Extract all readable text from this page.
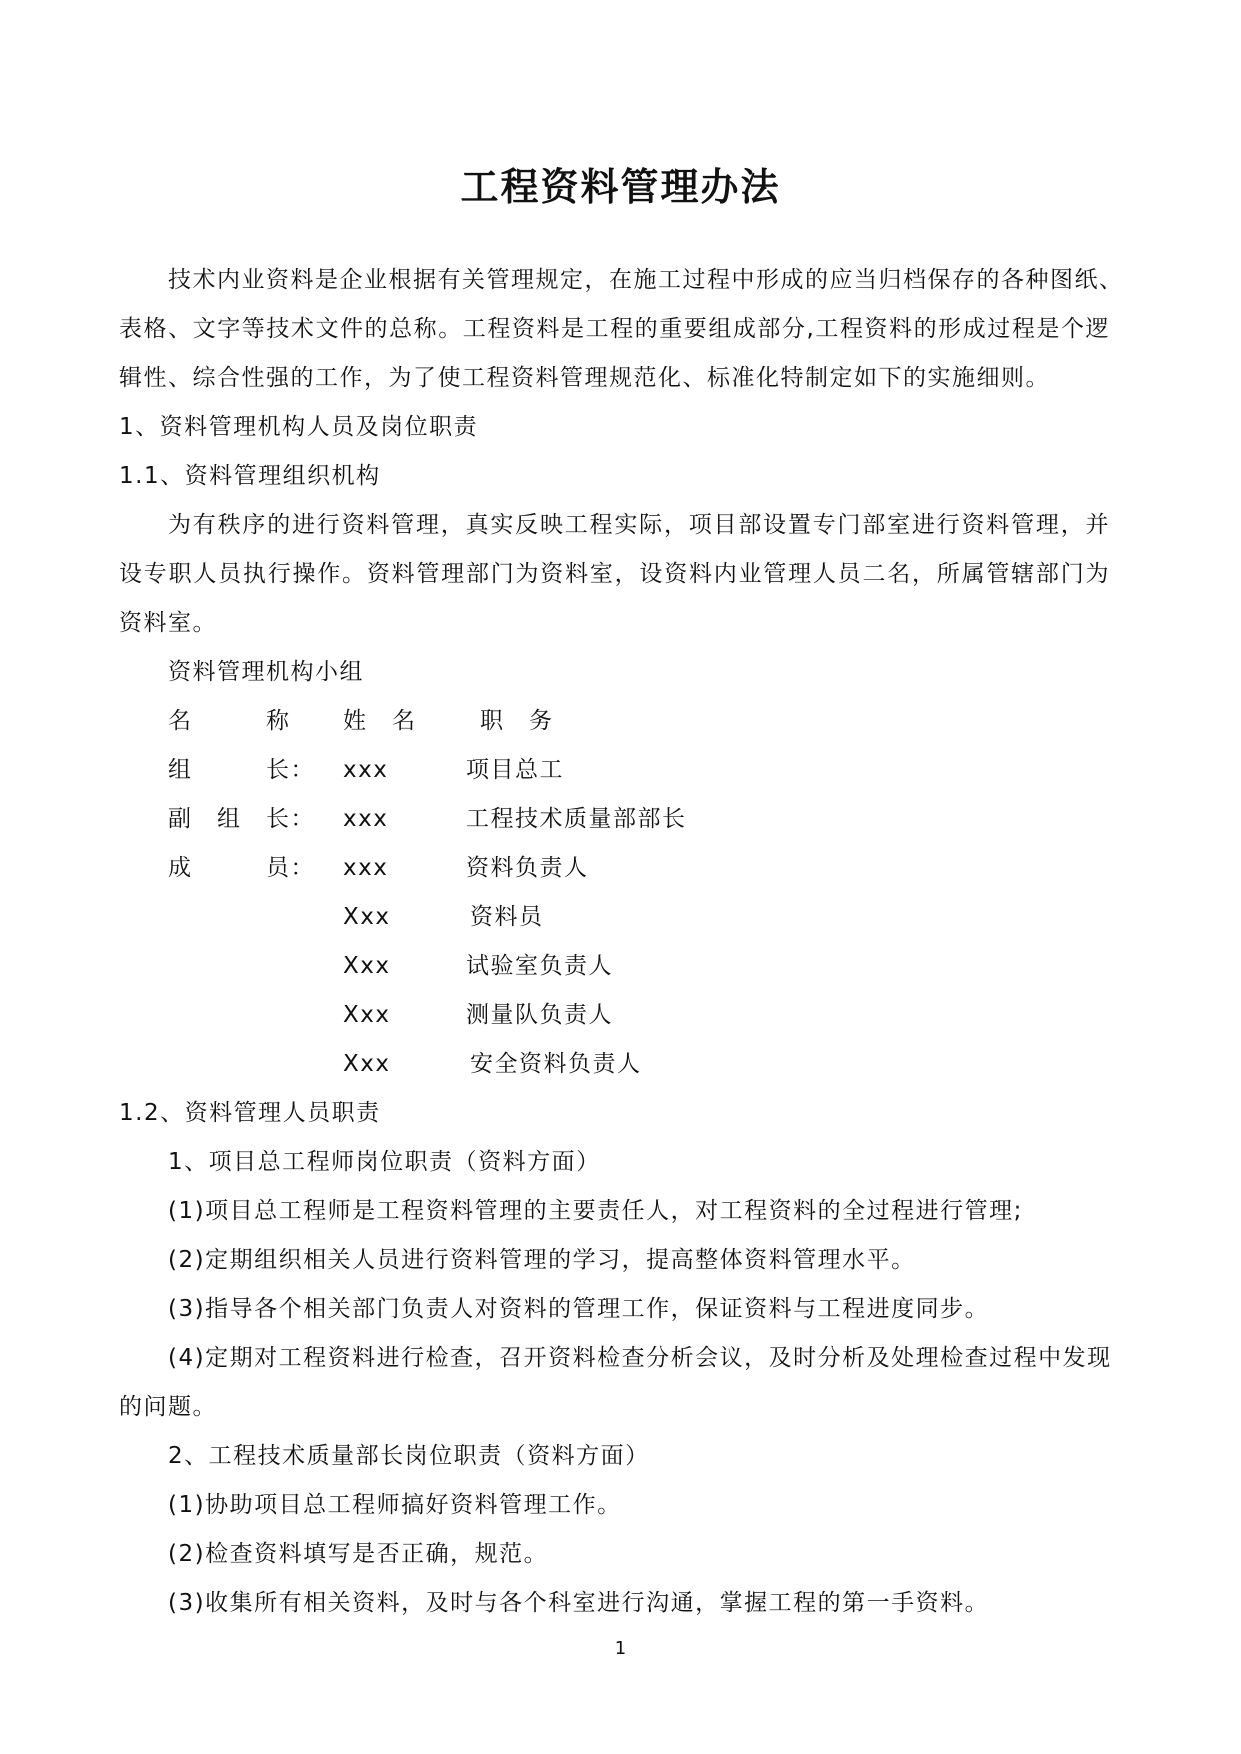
工程资料管理办法
技术内业资料是企业根据有关管理规定，在施工过程中形成的应当归档保存的各种图纸、
表格、文字等技术文件的总称。工程资料是工程的重要组成部分,工程资料的形成过程是个逻
辑性、综合性强的工作，为了使工程资料管理规范化、标准化特制定如下的实施细则。
1、资料管理机构人员及岗位职责
1.1、资料管理组织机构
为有秩序的进行资料管理，真实反映工程实际，项目部设置专门部室进行资料管理，并
设专职人员执行操作。资料管理部门为资料室，设资料内业管理人员二名，所属管辖部门为
资料室。
资料管理机构小组
名　　　称 姓　名	职　务
组　　　长： xxx	项目总工
副　组　长： xxx	工程技术质量部部长
成　　　员： xxx	资料负责人
Xxx	资料员
Xxx	试验室负责人
Xxx	测量队负责人
Xxx	安全资料负责人
1.2、资料管理人员职责
1、项目总工程师岗位职责（资料方面）
(1)项目总工程师是工程资料管理的主要责任人，对工程资料的全过程进行管理;
(2)定期组织相关人员进行资料管理的学习，提高整体资料管理水平。
(3)指导各个相关部门负责人对资料的管理工作，保证资料与工程进度同步。
(4)定期对工程资料进行检查，召开资料检查分析会议，及时分析及处理检查过程中发现
的问题。
2、工程技术质量部长岗位职责（资料方面）
(1)协助项目总工程师搞好资料管理工作。
(2)检查资料填写是否正确，规范。
(3)收集所有相关资料，及时与各个科室进行沟通，掌握工程的第一手资料。
1
